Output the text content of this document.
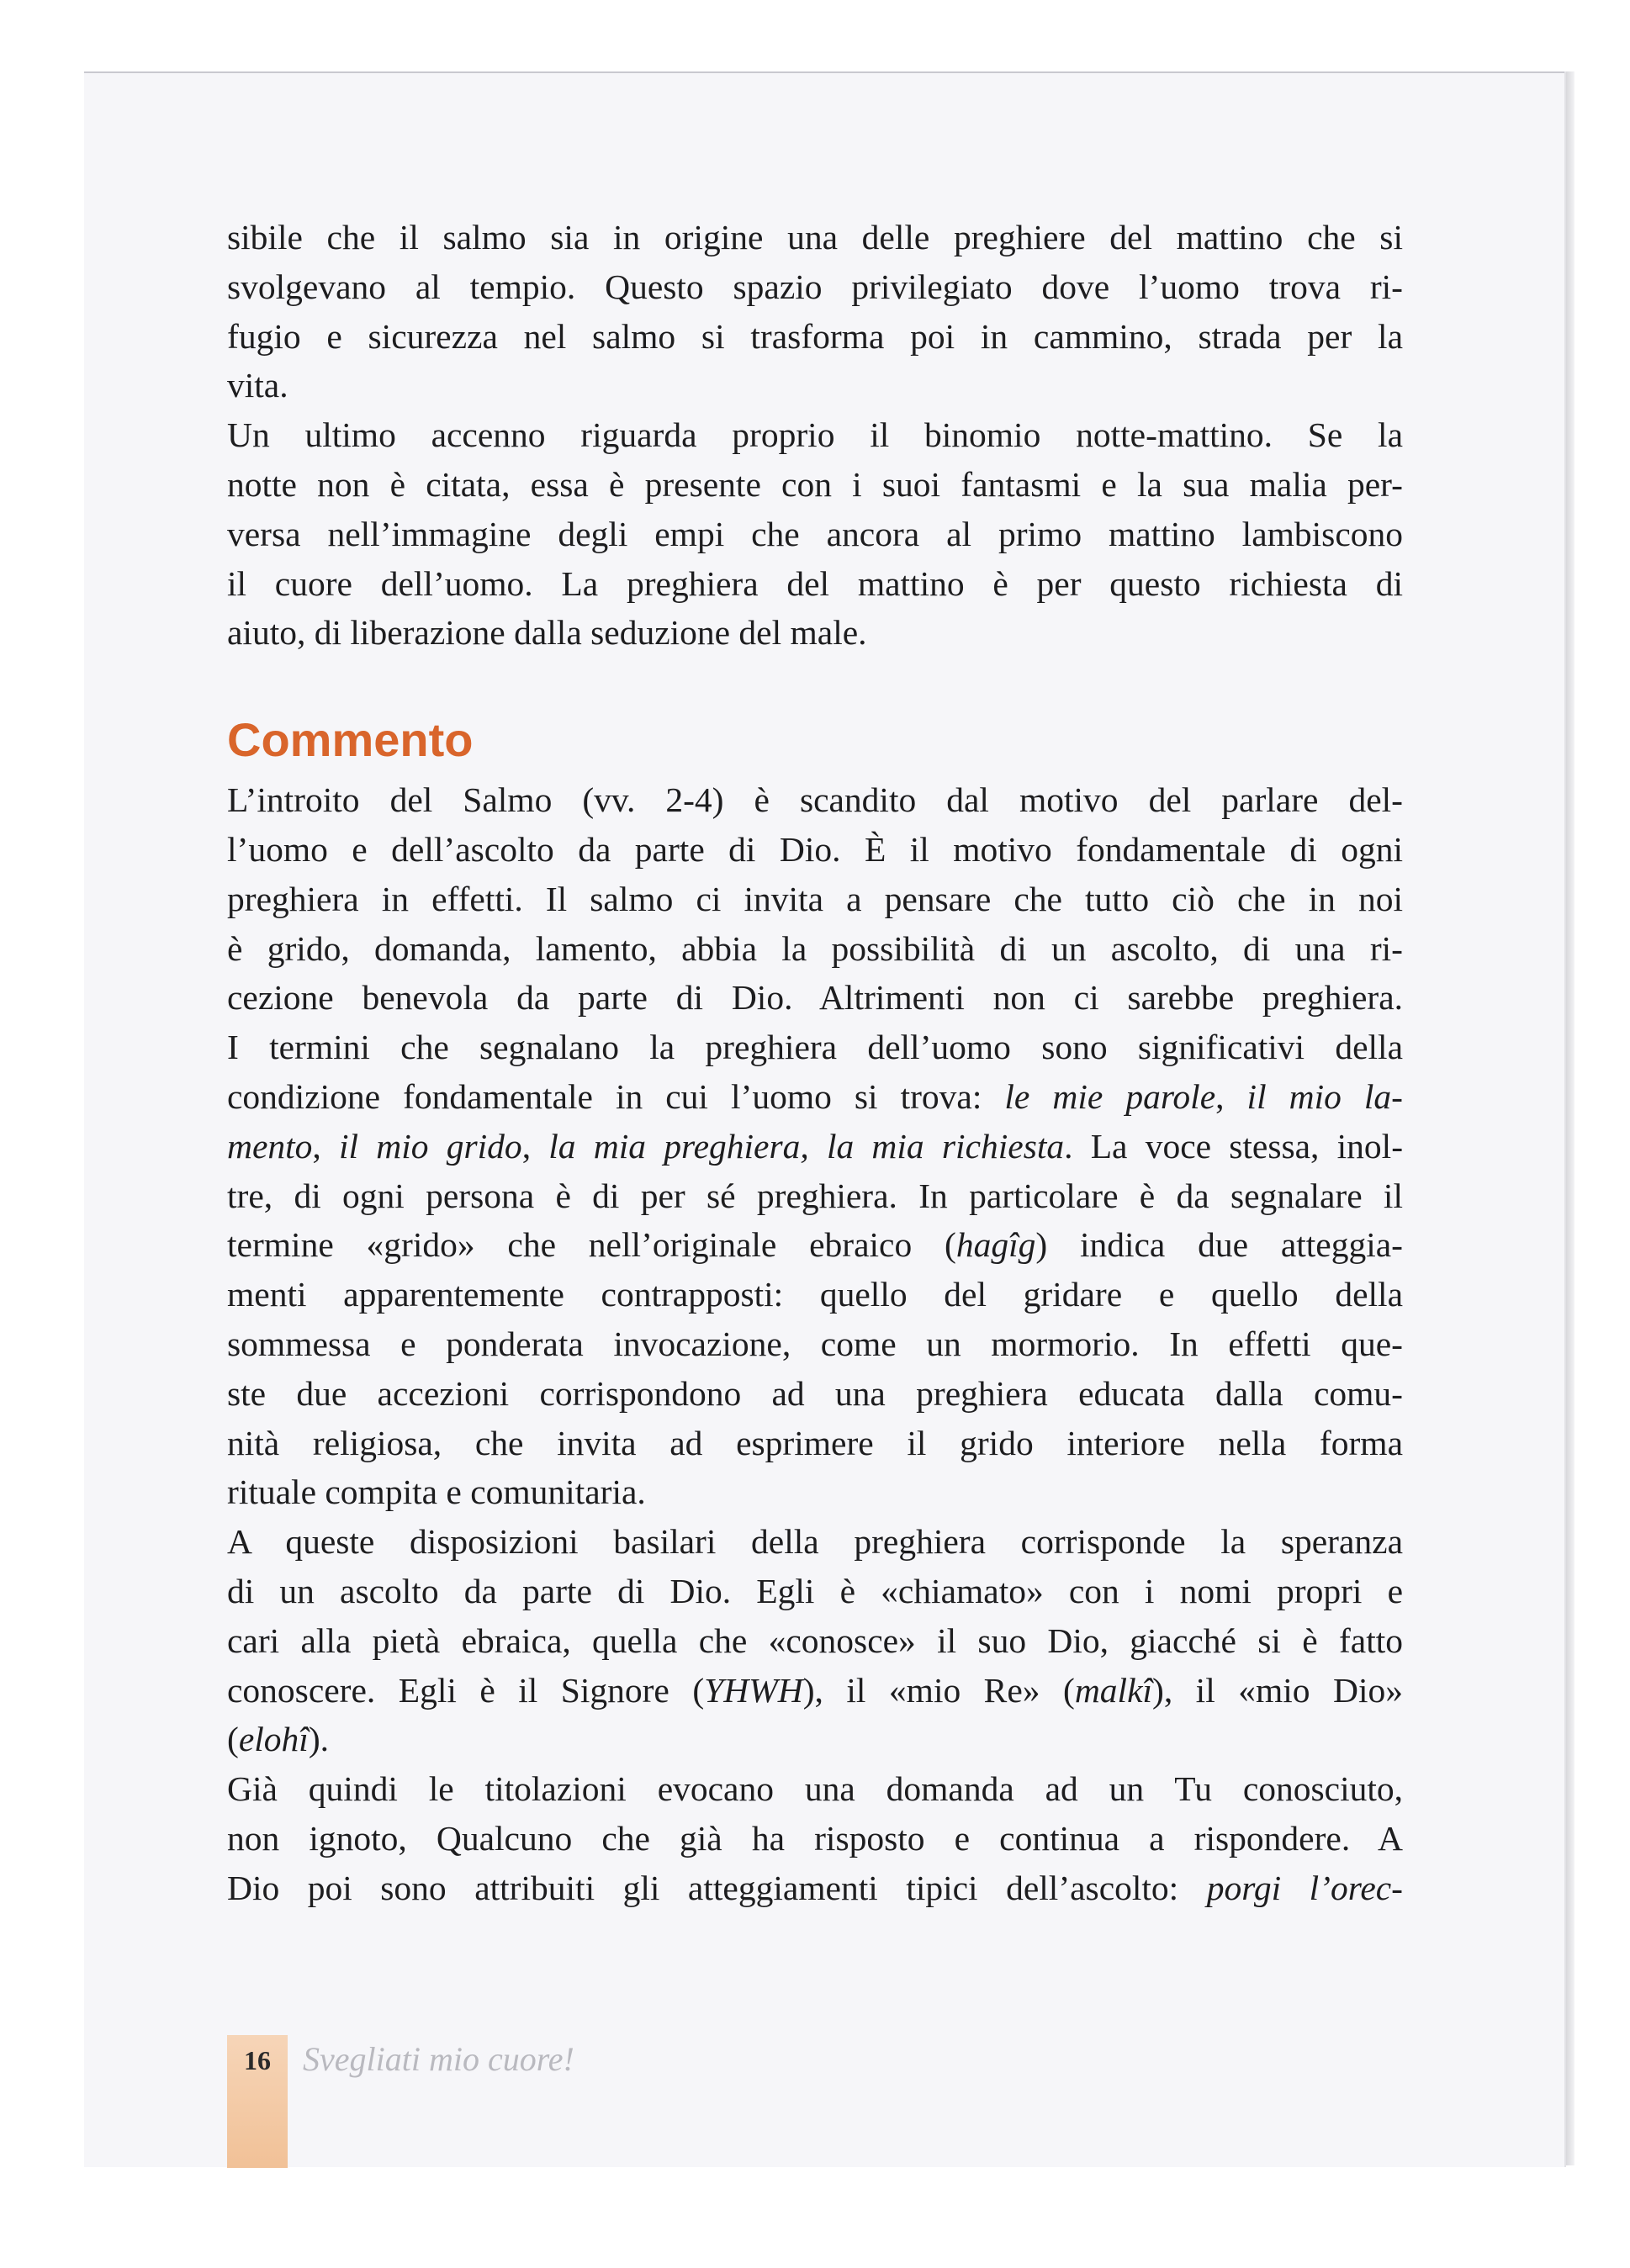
sibile che il salmo sia in origine una delle preghiere del mattino che si

svolgevano al tempio. Questo spazio privilegiato dove l’uomo trova ri-

fugio e sicurezza nel salmo si trasforma poi in cammino, strada per la

vita.

Un ultimo accenno riguarda proprio il binomio notte-mattino. Se la

notte non è citata, essa è presente con i suoi fantasmi e la sua malia per-

versa nell’immagine degli empi che ancora al primo mattino lambiscono

il cuore dell’uomo. La preghiera del mattino è per questo richiesta di

aiuto, di liberazione dalla seduzione del male.

Commento

L’introito del Salmo (vv. 2-4) è scandito dal motivo del parlare del-

l’uomo e dell’ascolto da parte di Dio. È il motivo fondamentale di ogni

preghiera in effetti. Il salmo ci invita a pensare che tutto ciò che in noi

è grido, domanda, lamento, abbia la possibilità di un ascolto, di una ri-

cezione benevola da parte di Dio. Altrimenti non ci sarebbe preghiera.

I termini che segnalano la preghiera dell’uomo sono significativi della

condizione fondamentale in cui l’uomo si trova: le mie parole, il mio la-

mento, il mio grido, la mia preghiera, la mia richiesta. La voce stessa, inol-

tre, di ogni persona è di per sé preghiera. In particolare è da segnalare il

termine «grido» che nell’originale ebraico (hagîg) indica due atteggia-

menti apparentemente contrapposti: quello del gridare e quello della

sommessa e ponderata invocazione, come un mormorio. In effetti que-

ste due accezioni corrispondono ad una preghiera educata dalla comu-

nità religiosa, che invita ad esprimere il grido interiore nella forma

rituale compita e comunitaria.

A queste disposizioni basilari della preghiera corrisponde la speranza

di un ascolto da parte di Dio. Egli è «chiamato» con i nomi propri e

cari alla pietà ebraica, quella che «conosce» il suo Dio, giacché si è fatto

conoscere. Egli è il Signore (YHWH), il «mio Re» (malkî), il «mio Dio»

(elohî).

Già quindi le titolazioni evocano una domanda ad un Tu conosciuto,

non ignoto, Qualcuno che già ha risposto e continua a rispondere. A

Dio poi sono attribuiti gli atteggiamenti tipici dell’ascolto: porgi l’orec-

16 Svegliati mio cuore!
